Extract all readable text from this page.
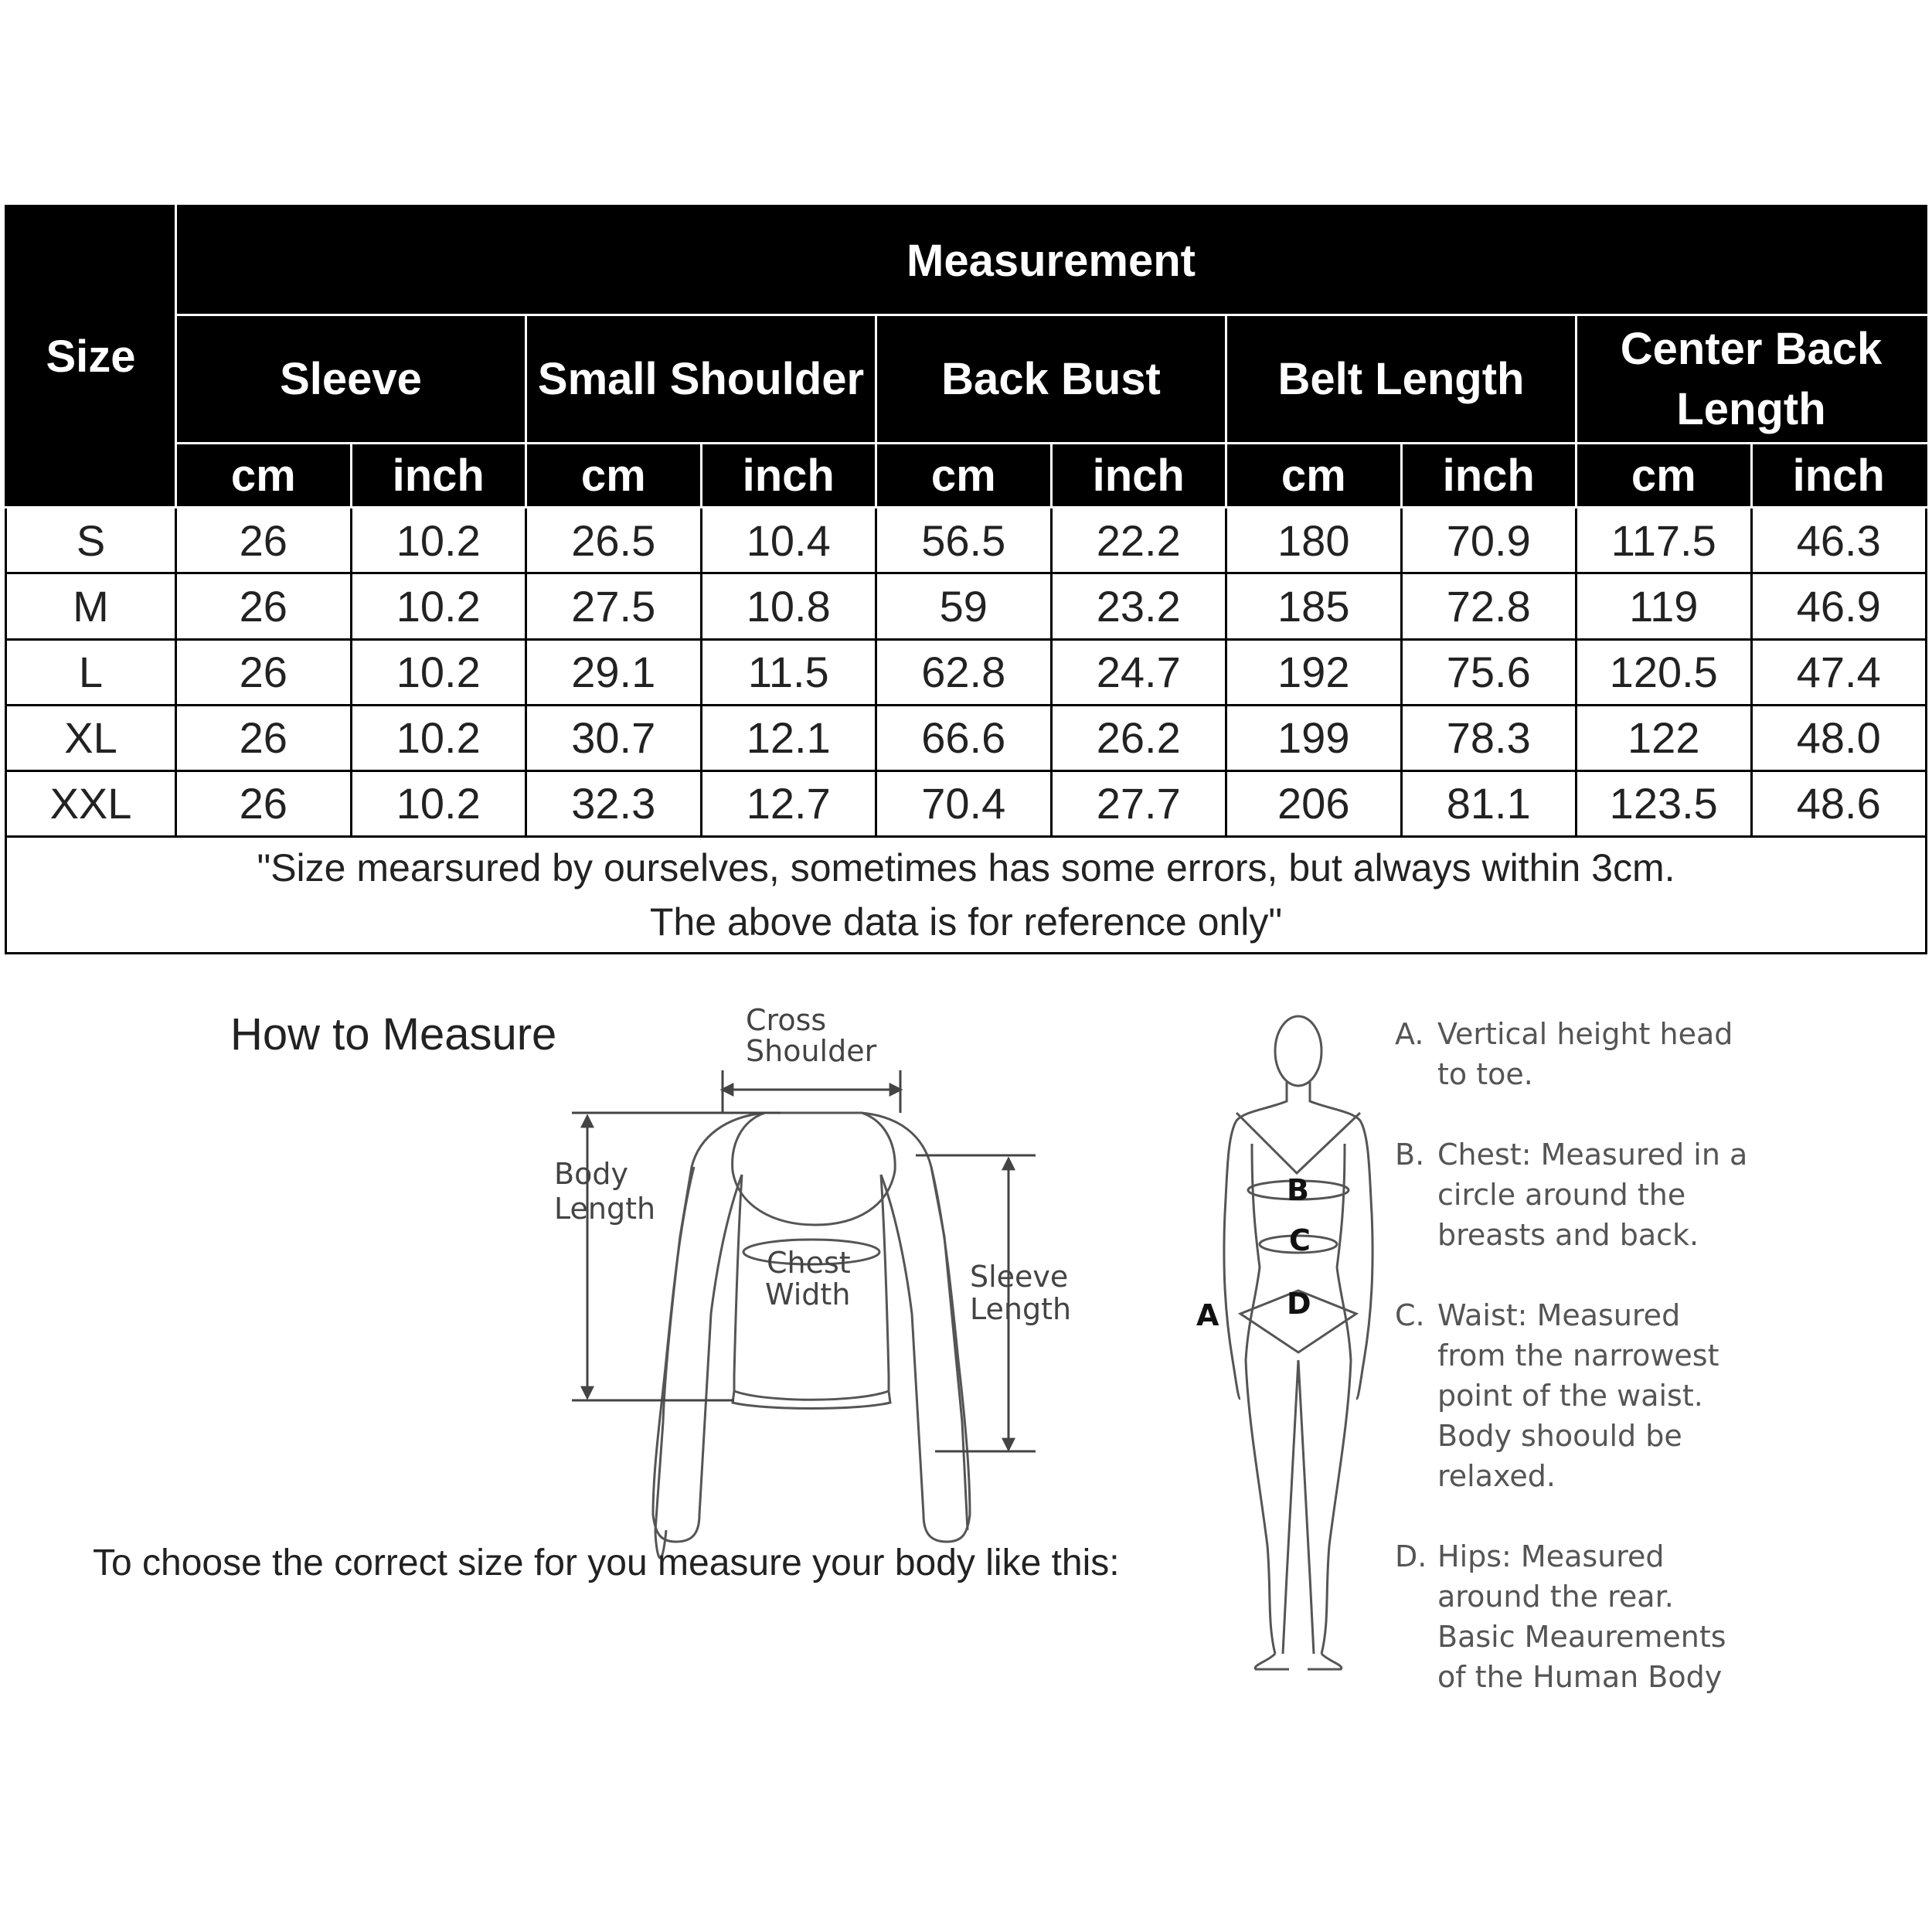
Size	Measurement									
	Sleeve		Small Shoulder		Back Bust		Belt Length		Center Back Length	
	cm	inch	cm	inch	cm	inch	cm	inch	cm	inch
S	26	10.2	26.5	10.4	56.5	22.2	180	70.9	117.5	46.3
M	26	10.2	27.5	10.8	59	23.2	185	72.8	119	46.9
L	26	10.2	29.1	11.5	62.8	24.7	192	75.6	120.5	47.4
XL	26	10.2	30.7	12.1	66.6	26.2	199	78.3	122	48.0
XXL	26	10.2	32.3	12.7	70.4	27.7	206	81.1	123.5	48.6
"Size mearsured by ourselves, sometimes has some errors, but always within 3cm.
The above data is for reference only"										
How to Measure	Cross
Shoulder
Body
Length
Chest
Width
Sleeve
Length
B
C
D
A
To choose the correct size for you measure your body like this:
A. Vertical height head

to toe.

B. Chest: Measured in a

circle around the

breasts and back.

C. Waist: Measured

from the narrowest

point of the waist.

Body shoould be

relaxed.

D. Hips: Measured

around the rear.

Basic Meaurements

of the Human Body
